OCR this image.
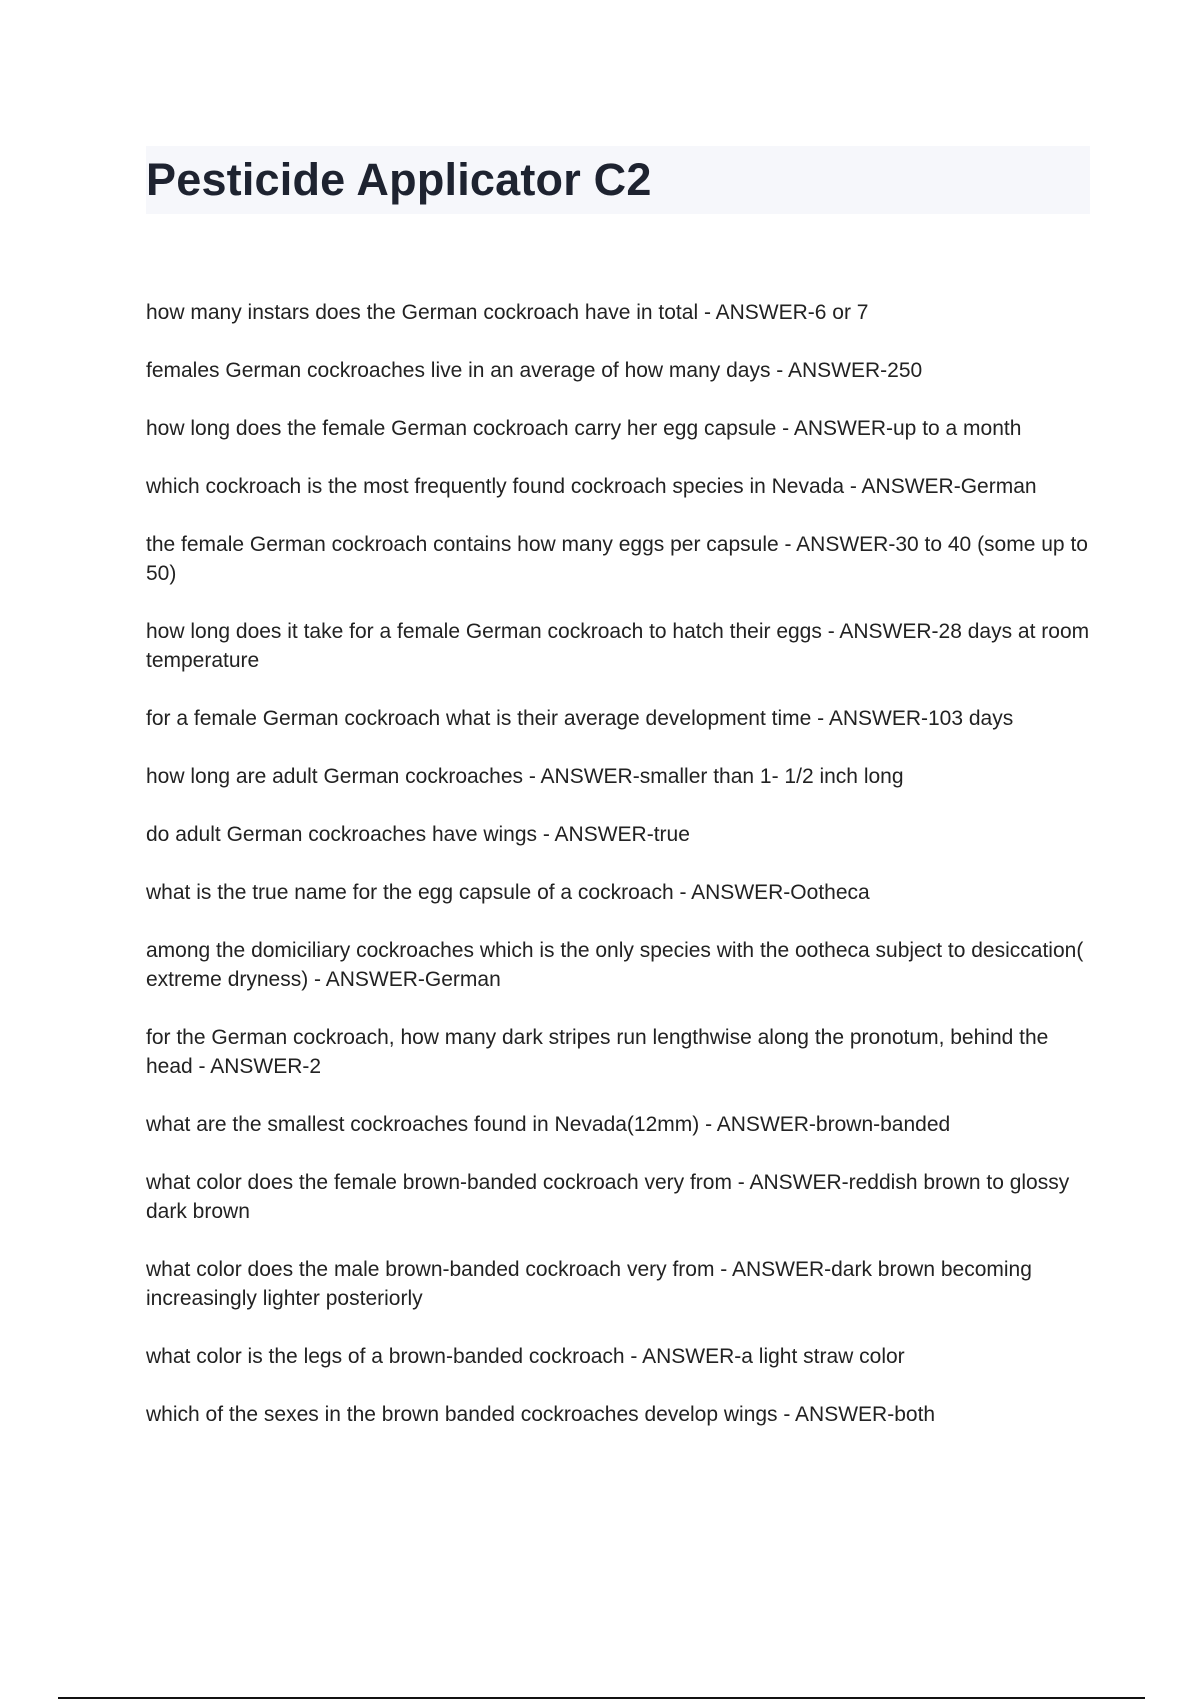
Pesticide Applicator C2
how many instars does the German cockroach have in total - ANSWER-6 or 7
females German cockroaches live in an average of how many days - ANSWER-250
how long does the female German cockroach carry her egg capsule - ANSWER-up to a month
which cockroach is the most frequently found cockroach species in Nevada - ANSWER-German
the female German cockroach contains how many eggs per capsule - ANSWER-30 to 40 (some up to 50)
how long does it take for a female German cockroach to hatch their eggs - ANSWER-28 days at room temperature
for a female German cockroach what is their average development time - ANSWER-103 days
how long are adult German cockroaches - ANSWER-smaller than 1- 1/2 inch long
do adult German cockroaches have wings - ANSWER-true
what is the true name for the egg capsule of a cockroach - ANSWER-Ootheca
among the domiciliary cockroaches which is the only species with the ootheca subject to desiccation( extreme dryness) - ANSWER-German
for the German cockroach, how many dark stripes run lengthwise along the pronotum, behind the head - ANSWER-2
what are the smallest cockroaches found in Nevada(12mm) - ANSWER-brown-banded
what color does the female brown-banded cockroach very from - ANSWER-reddish brown to glossy dark brown
what color does the male brown-banded cockroach very from - ANSWER-dark brown becoming increasingly lighter posteriorly
what color is the legs of a brown-banded cockroach - ANSWER-a light straw color
which of the sexes in the brown banded cockroaches develop wings - ANSWER-both
